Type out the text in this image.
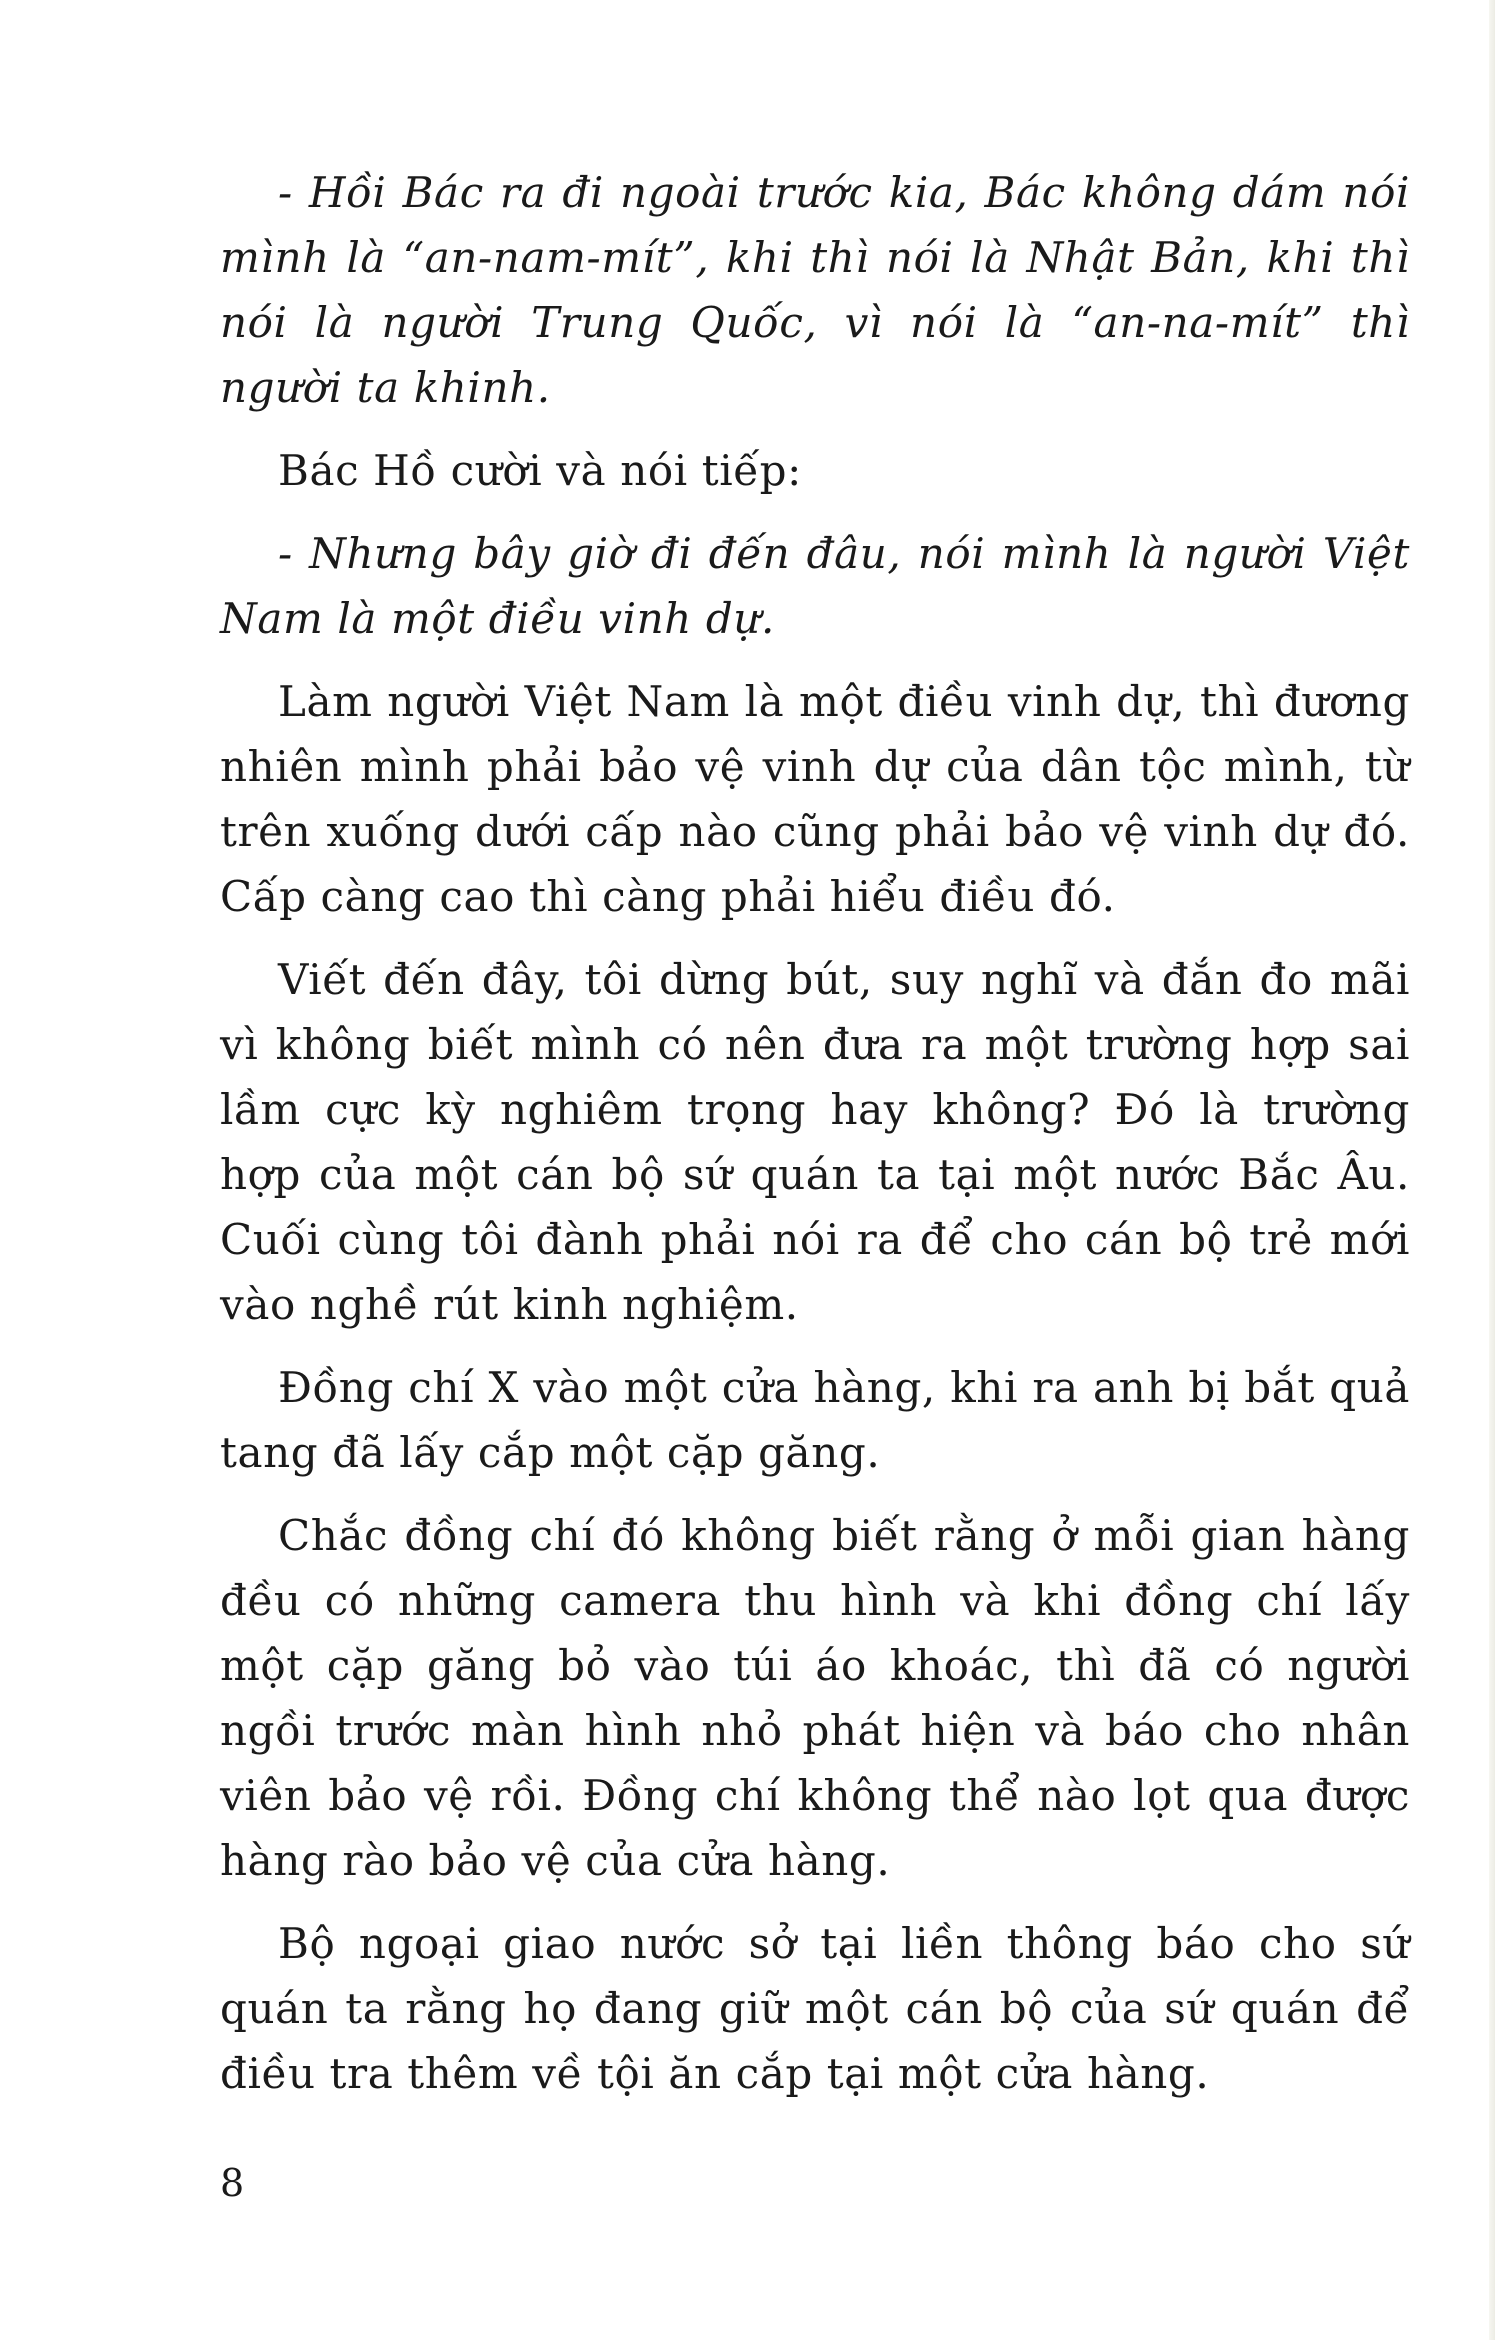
- Hồi Bác ra đi ngoài trước kia, Bác không dám nói mình là “an-nam-mít”, khi thì nói là Nhật Bản, khi thì nói là người Trung Quốc, vì nói là “an-na-mít” thì người ta khinh.

Bác Hồ cười và nói tiếp:

- Nhưng bây giờ đi đến đâu, nói mình là người Việt Nam là một điều vinh dự.

Làm người Việt Nam là một điều vinh dự, thì đương nhiên mình phải bảo vệ vinh dự của dân tộc mình, từ trên xuống dưới cấp nào cũng phải bảo vệ vinh dự đó. Cấp càng cao thì càng phải hiểu điều đó.

Viết đến đây, tôi dừng bút, suy nghĩ và đắn đo mãi vì không biết mình có nên đưa ra một trường hợp sai lầm cực kỳ nghiêm trọng hay không? Đó là trường hợp của một cán bộ sứ quán ta tại một nước Bắc Âu. Cuối cùng tôi đành phải nói ra để cho cán bộ trẻ mới vào nghề rút kinh nghiệm.

Đồng chí X vào một cửa hàng, khi ra anh bị bắt quả tang đã lấy cắp một cặp găng.

Chắc đồng chí đó không biết rằng ở mỗi gian hàng đều có những camera thu hình và khi đồng chí lấy một cặp găng bỏ vào túi áo khoác, thì đã có người ngồi trước màn hình nhỏ phát hiện và báo cho nhân viên bảo vệ rồi. Đồng chí không thể nào lọt qua được hàng rào bảo vệ của cửa hàng.

Bộ ngoại giao nước sở tại liền thông báo cho sứ quán ta rằng họ đang giữ một cán bộ của sứ quán để điều tra thêm về tội ăn cắp tại một cửa hàng.

8
